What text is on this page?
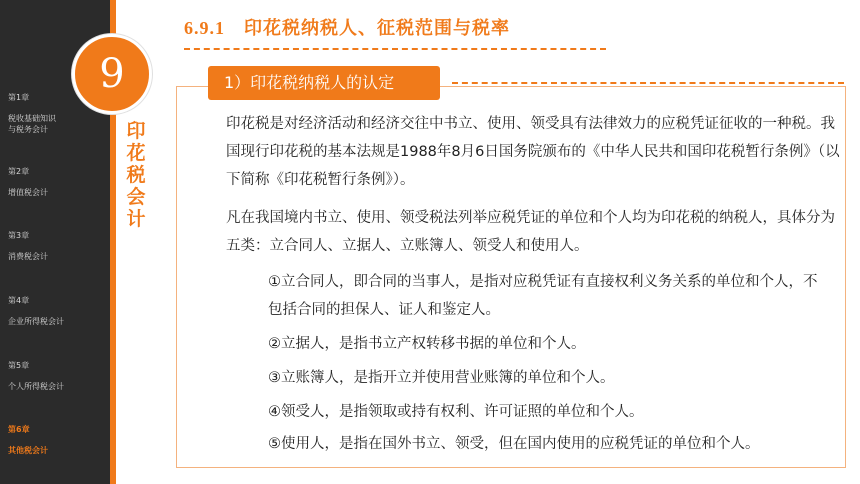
第1章
税收基础知识
与税务会计
第2章
增值税会计
第3章
消费税会计
第4章
企业所得税会计
第5章
个人所得税会计
第6章
其他税会计
9
印花税会计
6.9.1　印花税纳税人、征税范围与税率
1）印花税纳税人的认定
印花税是对经济活动和经济交往中书立、使用、领受具有法律效力的应税凭证征收的一种税。我国现行印花税的基本法规是1988年8月6日国务院颁布的《中华人民共和国印花税暂行条例》（以下简称《印花税暂行条例》）。
凡在我国境内书立、使用、领受税法列举应税凭证的单位和个人均为印花税的纳税人，具体分为五类：立合同人、立据人、立账簿人、领受人和使用人。
①立合同人，即合同的当事人，是指对应税凭证有直接权利义务关系的单位和个人，不包括合同的担保人、证人和鉴定人。
②立据人，是指书立产权转移书据的单位和个人。
③立账簿人，是指开立并使用营业账簿的单位和个人。
④领受人，是指领取或持有权利、许可证照的单位和个人。
⑤使用人，是指在国外书立、领受，但在国内使用的应税凭证的单位和个人。
